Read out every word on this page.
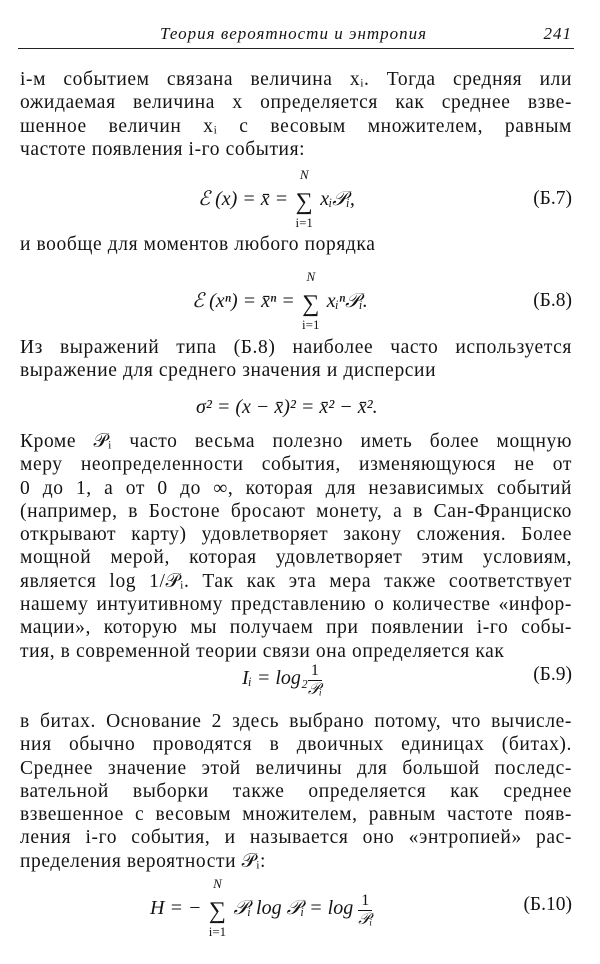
Теория вероятности и энтропия	241
i-м событием связана величина xᵢ. Тогда средняя или
ожидаемая величина x определяется как среднее взве-
шенное величин xᵢ с весовым множителем, равным
частоте появления i-го события:
ℰ (x) = x̄ = ∑
N
i=1
xᵢ𝒫ᵢ,	(Б.7)
и вообще для моментов любого порядка
ℰ (xⁿ) = x̄ⁿ = ∑
N
i=1
xᵢⁿ𝒫ᵢ.	(Б.8)
Из выражений типа (Б.8) наиболее часто используется
выражение для среднего значения и дисперсии
σ² = (x − x̄)² = x̄² − x̄².
Кроме 𝒫ᵢ часто весьма полезно иметь более мощную
меру неопределенности события, изменяющуюся не от
0 до 1, а от 0 до ∞, которая для независимых событий
(например, в Бостоне бросают монету, а в Сан-Франциско
открывают карту) удовлетворяет закону сложения. Более
мощной мерой, которая удовлетворяет этим условиям,
является log 1/𝒫ᵢ. Так как эта мера также соответствует
нашему интуитивному представлению о количестве «инфор-
мации», которую мы получаем при появлении i-го собы-
тия, в современной теории связи она определяется как
Iᵢ = $\log_2 \frac{1}{\text{𝒫ᵢ}}$	(Б.9)
в битах. Основание 2 здесь выбрано потому, что вычисле-
ния обычно проводятся в двоичных единицах (битах).
Среднее значение этой величины для большой последс-
вательной выборки также определяется как среднее
взвешенное с весовым множителем, равным частоте появ-
ления i-го события, и называется оно «энтропией» рас-
пределения вероятности 𝒫ᵢ:
H = − ∑
N
i=1
𝒫ᵢ log 𝒫ᵢ = $\log \frac{1}{\text{𝒫ᵢ}}$	(Б.10)
